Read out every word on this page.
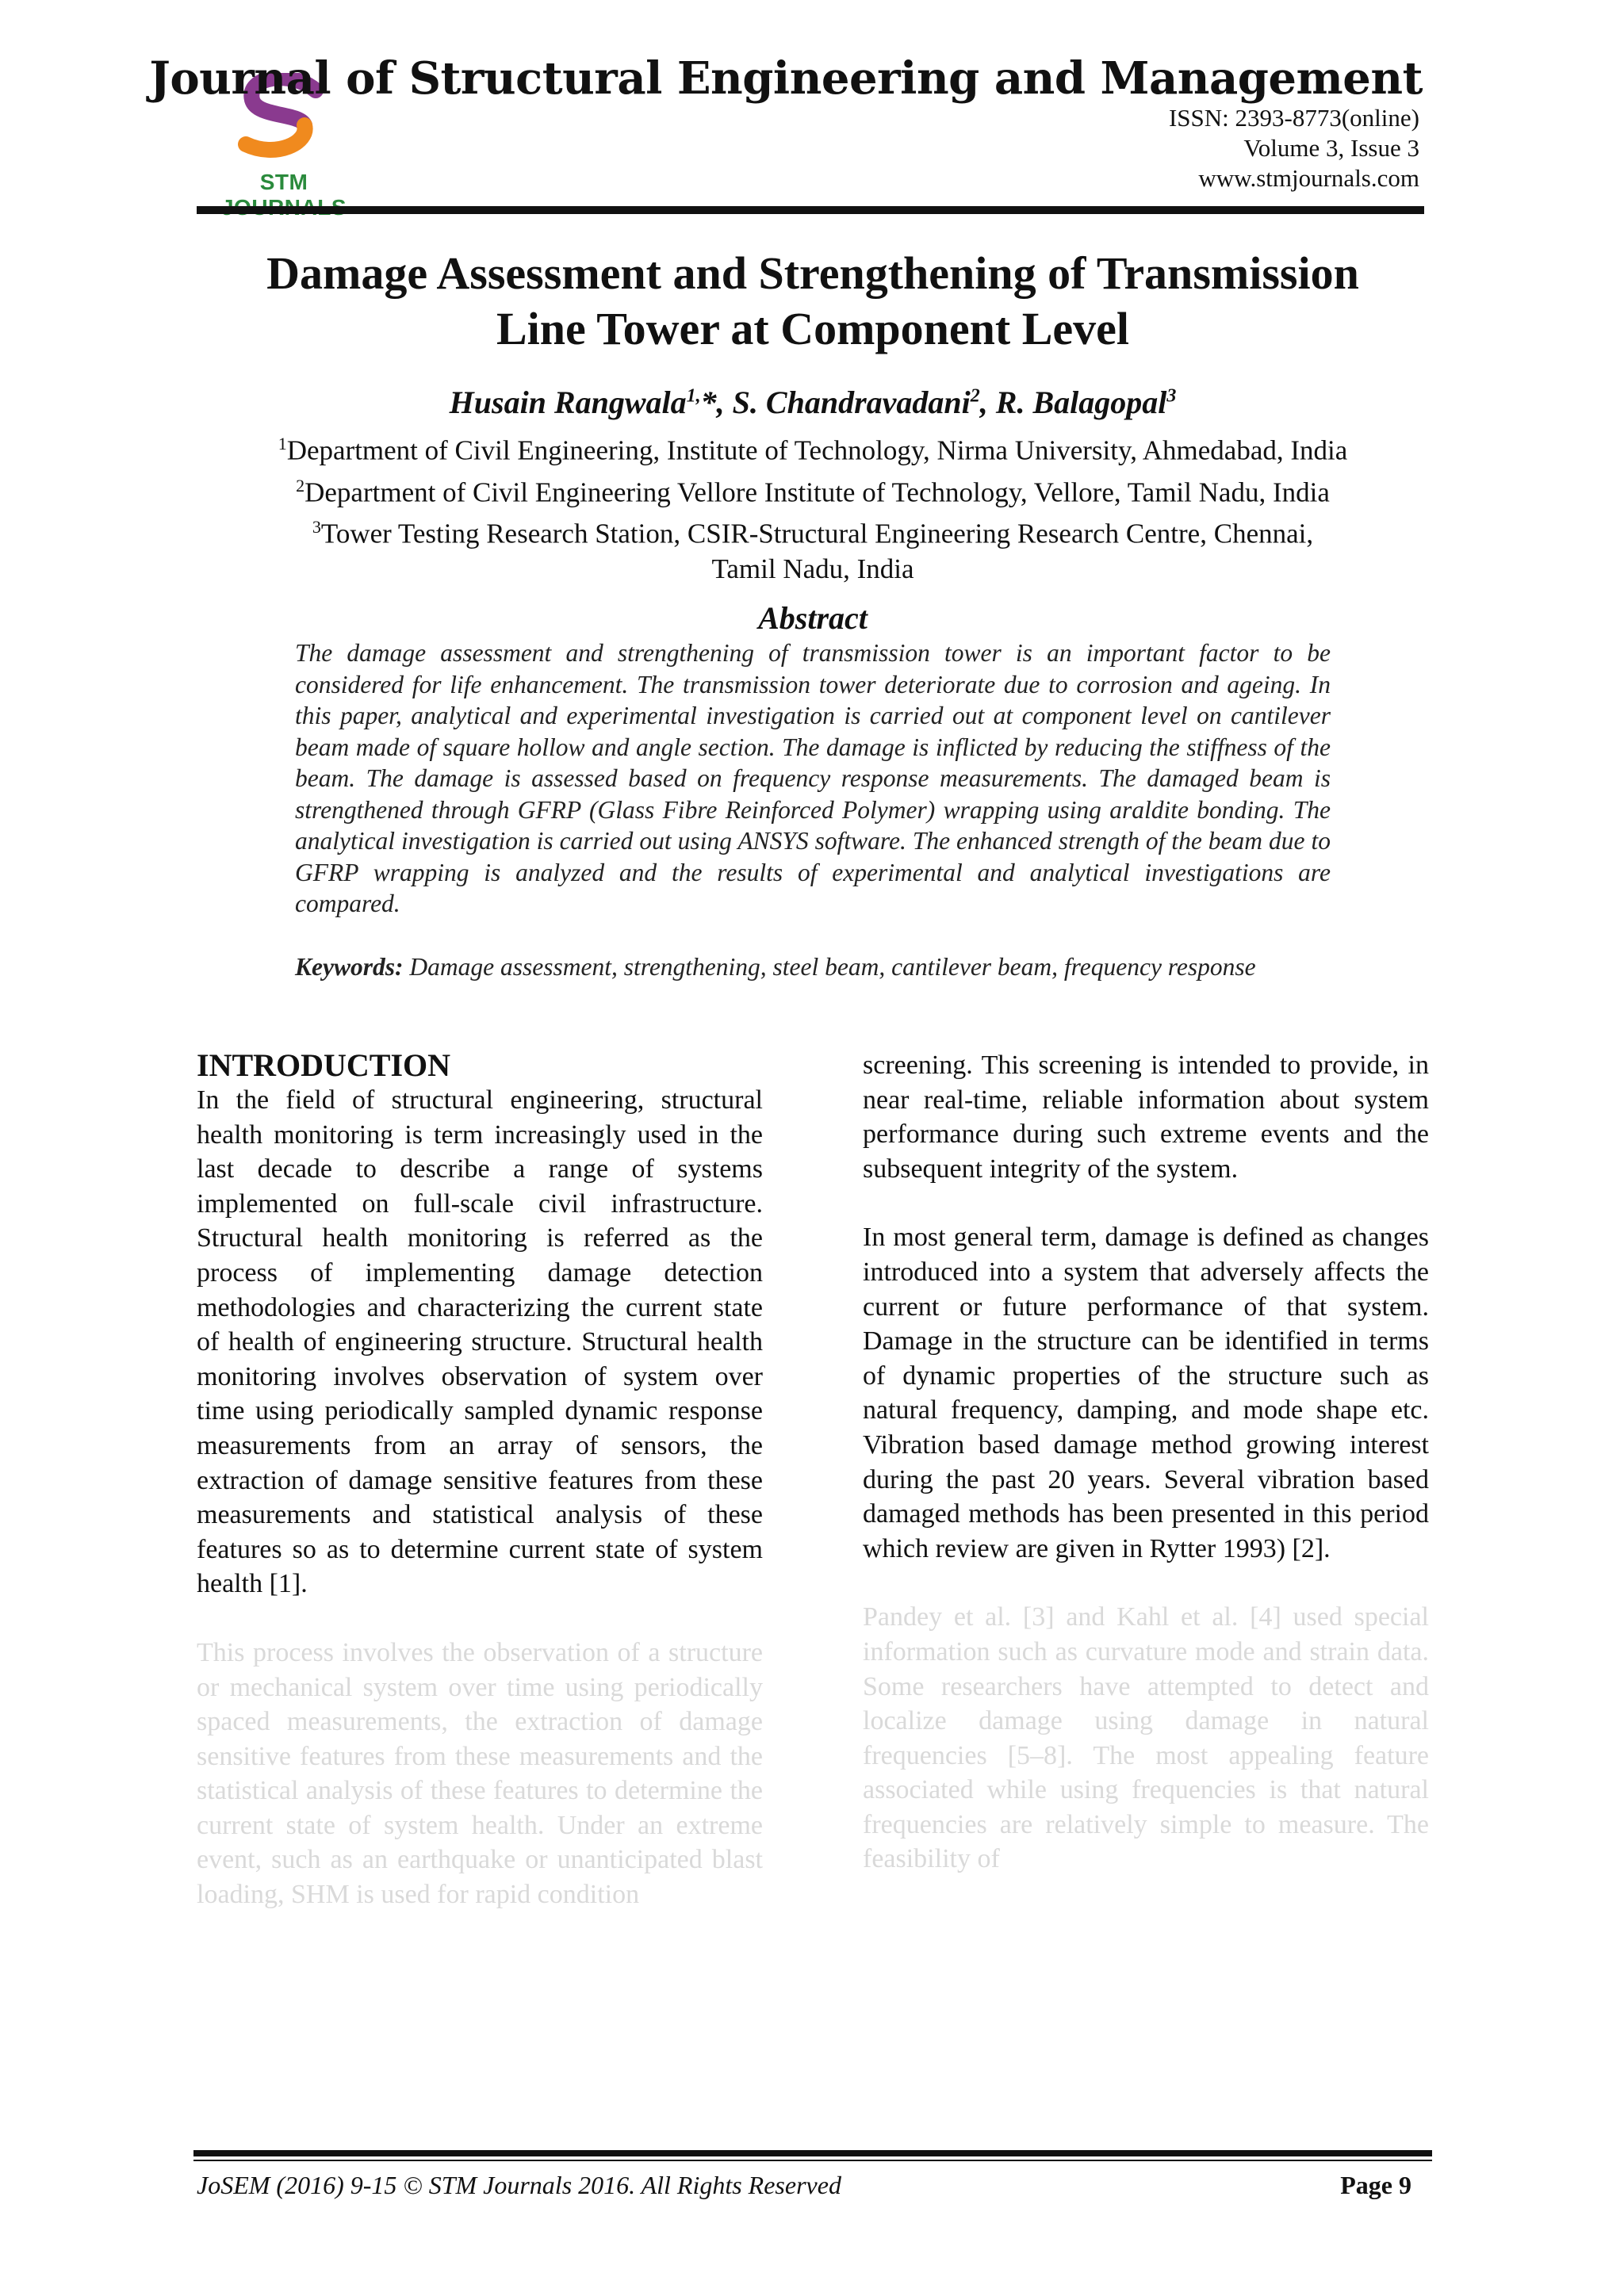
STM
Journal of Structural Engineering and Management
ISSN: 2393-8773(online)
Volume 3, Issue 3
www.stmjournals.com
Damage Assessment and Strengthening of Transmission
Line Tower at Component Level
Husain Rangwala$^{1,}$*, S. Chandravadani$^2$, R. Balagopal$^3$
$^1$Department of Civil Engineering, Institute of Technology, Nirma University, Ahmedabad, India
$^2$Department of Civil Engineering Vellore Institute of Technology, Vellore, Tamil Nadu, India
$^3$Tower Testing Research Station, CSIR-Structural Engineering Research Centre, Chennai,
Tamil Nadu, India
Abstract
The damage assessment and strengthening of transmission tower is an important factor to be considered for life enhancement. The transmission tower deteriorate due to corrosion and ageing. In this paper, analytical and experimental investigation is carried out at component level on cantilever beam made of square hollow and angle section. The damage is inflicted by reducing the stiffness of the beam. The damage is assessed based on frequency response measurements. The damaged beam is strengthened through GFRP (Glass Fibre Reinforced Polymer) wrapping using araldite bonding. The analytical investigation is carried out using ANSYS software. The enhanced strength of the beam due to GFRP wrapping is analyzed and the results of experimental and analytical investigations are compared.
Keywords: Damage assessment, strengthening, steel beam, cantilever beam, frequency response
INTRODUCTION
In the field of structural engineering, structural health monitoring is term increasingly used in the last decade to describe a range of systems implemented on full-scale civil infrastructure. Structural health monitoring is referred as the process of implementing damage detection methodologies and characterizing the current state of health of engineering structure. Structural health monitoring involves observation of system over time using periodically sampled dynamic response measurements from an array of sensors, the extraction of damage sensitive features from these measurements and statistical analysis of these features so as to determine current state of system health [1].
This process involves the observation of a structure or mechanical system over time using periodically spaced measurements, the extraction of damage sensitive features from these measurements and the statistical analysis of these features to determine the current state of system health. Under an extreme event, such as an earthquake or unanticipated blast loading, SHM is used for rapid condition
screening. This screening is intended to provide, in near real-time, reliable information about system performance during such extreme events and the subsequent integrity of the system.
In most general term, damage is defined as changes introduced into a system that adversely affects the current or future performance of that system. Damage in the structure can be identified in terms of dynamic properties of the structure such as natural frequency, damping, and mode shape etc. Vibration based damage method growing interest during the past 20 years. Several vibration based damaged methods has been presented in this period which review are given in Rytter 1993) [2].
Pandey et al. [3] and Kahl et al. [4] used special information such as curvature mode and strain data. Some researchers have attempted to detect and localize damage using damage in natural frequencies [5–8]. The most appealing feature associated while using frequencies is that natural frequencies are relatively simple to measure. The feasibility of
JoSEM (2016) 9-15 © STM Journals 2016. All Rights Reserved	Page 9
